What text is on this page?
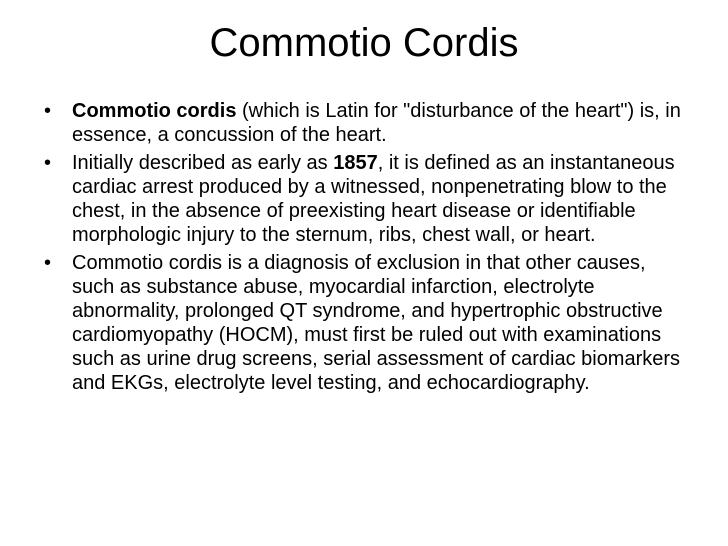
Commotio Cordis
•	Commotio cordis (which is Latin for "disturbance of the heart") is, in essence, a concussion of the heart.
•	Initially described as early as 1857, it is defined as an instantaneous cardiac arrest produced by a witnessed, nonpenetrating blow to the chest, in the absence of preexisting heart disease or identifiable morphologic injury to the sternum, ribs, chest wall, or heart.
•	Commotio cordis is a diagnosis of exclusion in that other causes, such as substance abuse, myocardial infarction, electrolyte abnormality, prolonged QT syndrome, and hypertrophic obstructive cardiomyopathy (HOCM), must first be ruled out with examinations such as urine drug screens, serial assessment of cardiac biomarkers and EKGs, electrolyte level testing, and echocardiography.
